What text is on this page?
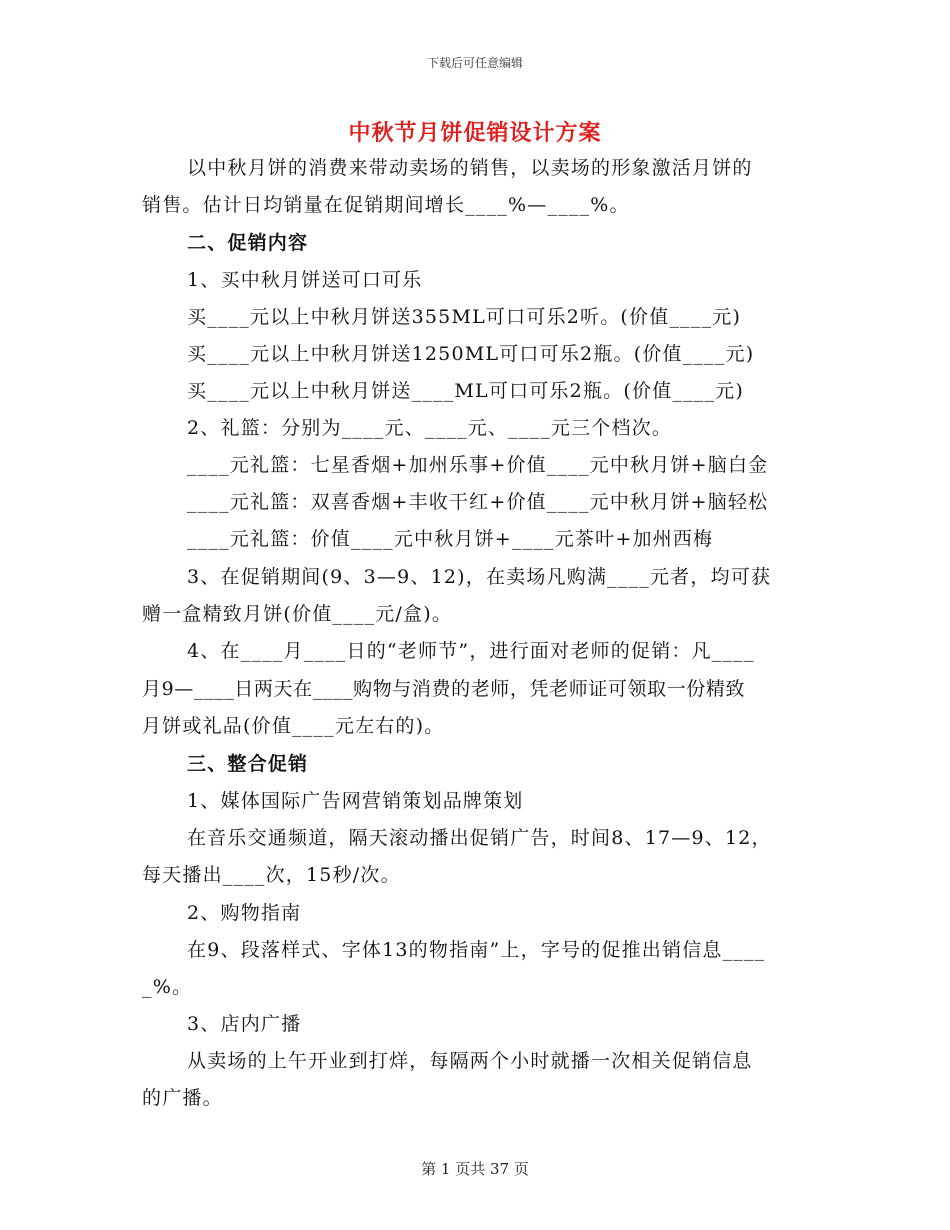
下载后可任意编辑
中秋节月饼促销设计方案
以中秋月饼的消费来带动卖场的销售，以卖场的形象激活月饼的
销售。估计日均销量在促销期间增长____%—____%。
二、促销内容
1、买中秋月饼送可口可乐
买____元以上中秋月饼送355ML可口可乐2听。(价值____元)
买____元以上中秋月饼送1250ML可口可乐2瓶。(价值____元)
买____元以上中秋月饼送____ML可口可乐2瓶。(价值____元)
2、礼篮：分别为____元、____元、____元三个档次。
____元礼篮：七星香烟+加州乐事+价值____元中秋月饼+脑白金
____元礼篮：双喜香烟+丰收干红+价值____元中秋月饼+脑轻松
____元礼篮：价值____元中秋月饼+____元茶叶+加州西梅
3、在促销期间(9、3—9、12)，在卖场凡购满____元者，均可获
赠一盒精致月饼(价值____元/盒)。
4、在____月____日的“老师节”，进行面对老师的促销：凡____
月9—____日两天在____购物与消费的老师，凭老师证可领取一份精致
月饼或礼品(价值____元左右的)。
三、整合促销
1、媒体国际广告网营销策划品牌策划
在音乐交通频道，隔天滚动播出促销广告，时间8、17—9、12，
每天播出____次，15秒/次。
2、购物指南
在9、段落样式、字体13的物指南”上，字号的促推出销信息____
_%。
3、店内广播
从卖场的上午开业到打烊，每隔两个小时就播一次相关促销信息
的广播。
第 1 页共 37 页
